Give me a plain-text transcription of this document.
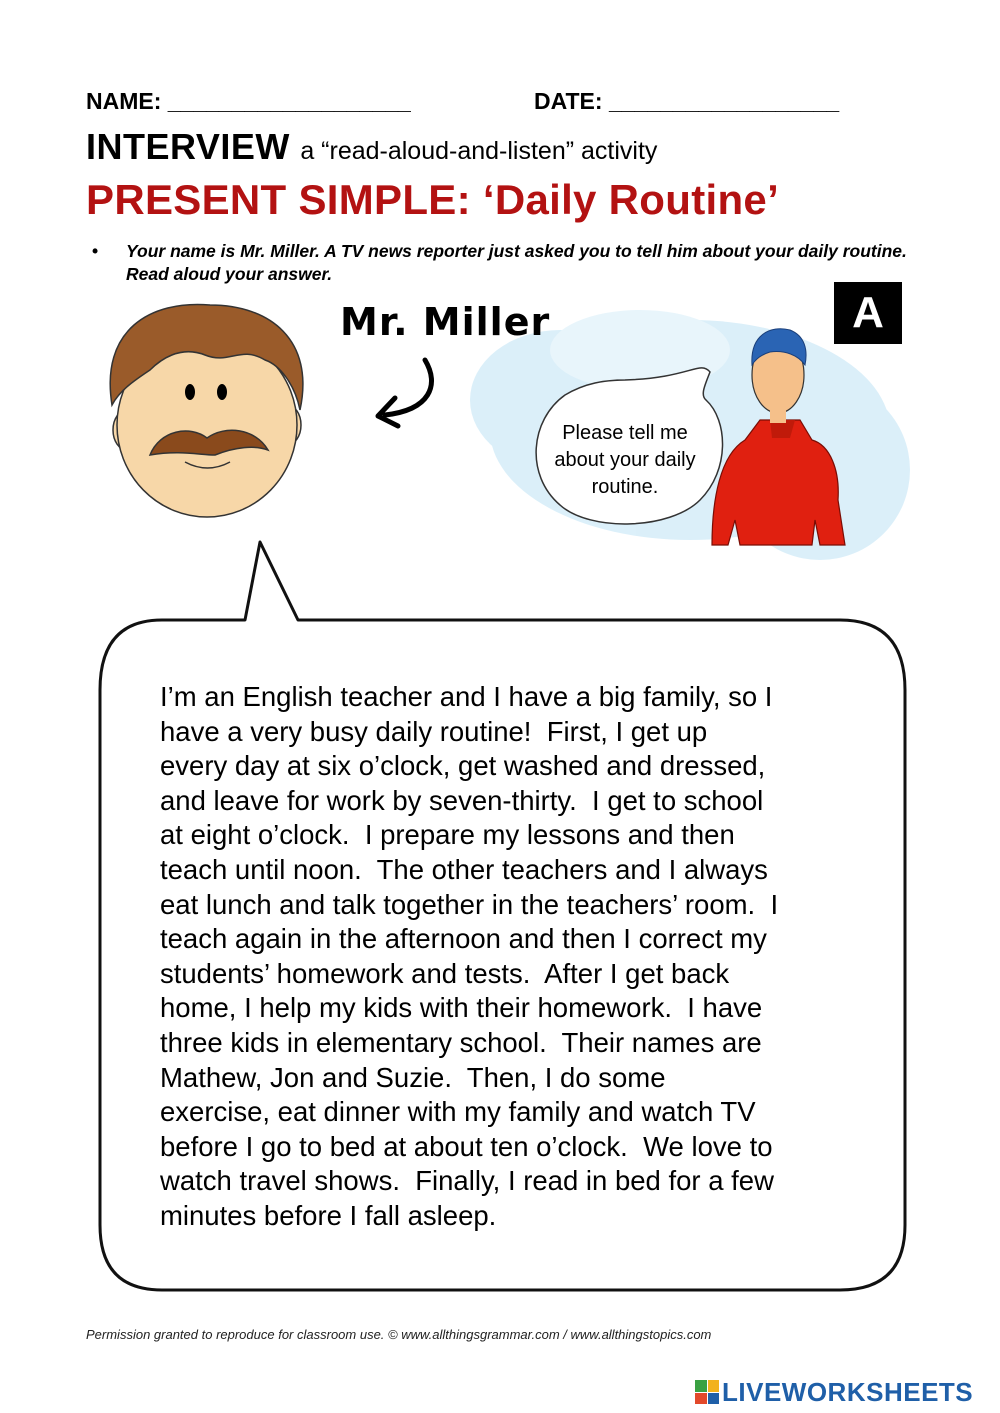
NAME: ___________________	DATE: __________________
INTERVIEW a “read-aloud-and-listen” activity
PRESENT SIMPLE: ‘Daily Routine’
• Your name is Mr. Miller. A TV news reporter just asked you to tell him about your daily routine. Read aloud your answer.
Mr. Miller	A
Please tell me about your daily routine.
I’m an English teacher and I have a big family, so I
have a very busy daily routine!  First, I get up
every day at six o’clock, get washed and dressed,
and leave for work by seven-thirty.  I get to school
at eight o’clock.  I prepare my lessons and then
teach until noon.  The other teachers and I always
eat lunch and talk together in the teachers’ room.  I
teach again in the afternoon and then I correct my
students’ homework and tests.  After I get back
home, I help my kids with their homework.  I have
three kids in elementary school.  Their names are
Mathew, Jon and Suzie.  Then, I do some
exercise, eat dinner with my family and watch TV
before I go to bed at about ten o’clock.  We love to
watch travel shows.  Finally, I read in bed for a few
minutes before I fall asleep.
Permission granted to reproduce for classroom use. © www.allthingsgrammar.com / www.allthingstopics.com
LIVEWORKSHEETS
